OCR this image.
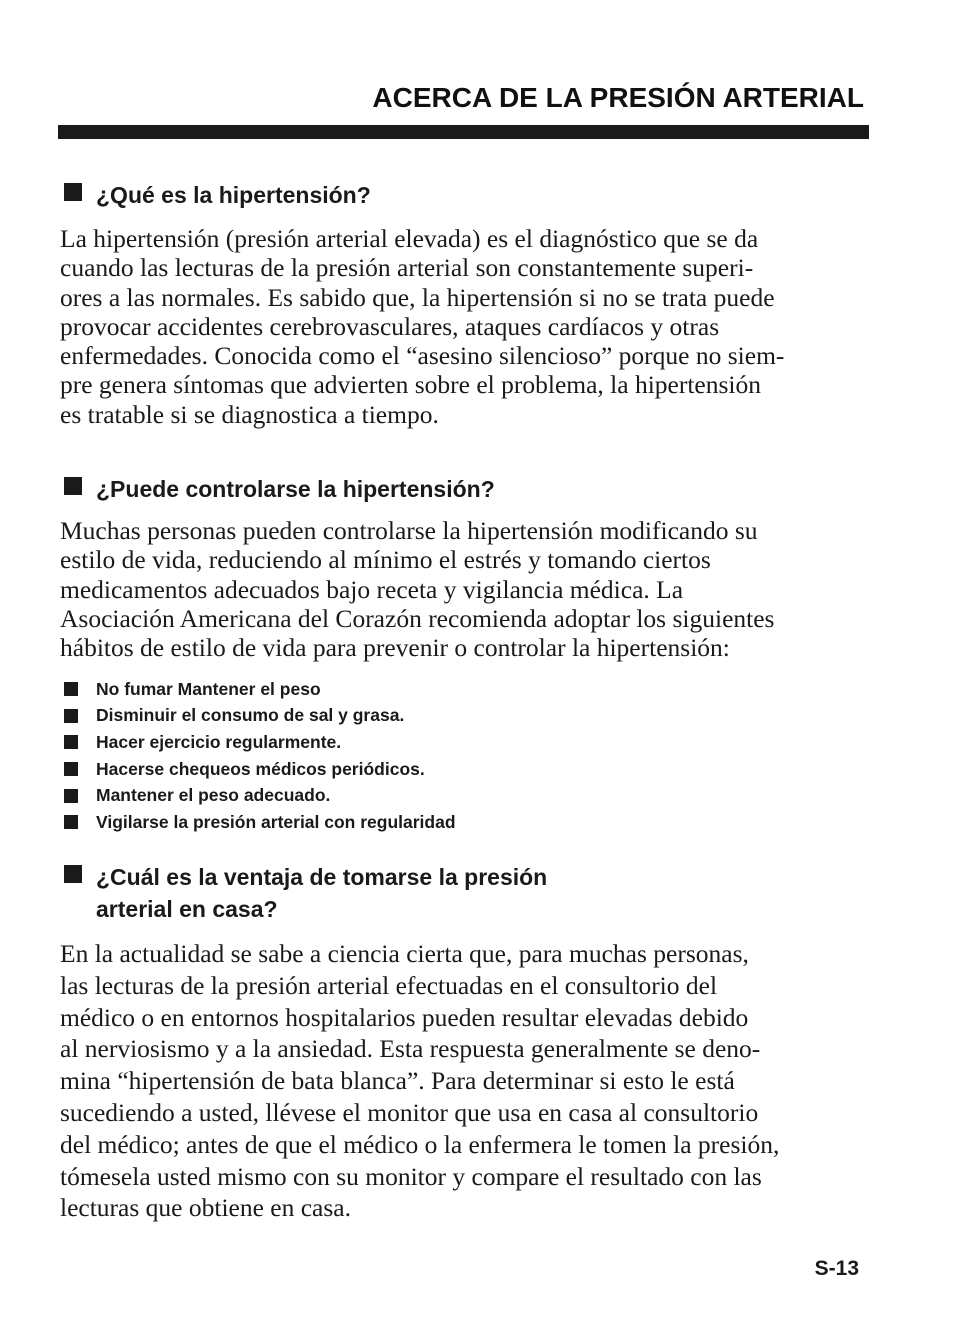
ACERCA DE LA PRESIÓN ARTERIAL
¿Qué es la hipertensión?
La hipertensión (presión arterial elevada) es el diagnóstico que se da
cuando las lecturas de la presión arterial son constantemente superi-
ores a las normales. Es sabido que, la hipertensión si no se trata puede
provocar accidentes cerebrovasculares, ataques cardíacos y otras
enfermedades. Conocida como el “asesino silencioso” porque no siem-
pre genera síntomas que advierten sobre el problema, la hipertensión
es tratable si se diagnostica a tiempo.
¿Puede controlarse la hipertensión?
Muchas personas pueden controlarse la hipertensión modificando su
estilo de vida, reduciendo al mínimo el estrés y tomando ciertos
medicamentos adecuados bajo receta y vigilancia médica. La
Asociación Americana del Corazón recomienda adoptar los siguientes
hábitos de estilo de vida para prevenir o controlar la hipertensión:
No fumar Mantener el peso
Disminuir el consumo de sal y grasa.
Hacer ejercicio regularmente.
Hacerse chequeos médicos periódicos.
Mantener el peso adecuado.
Vigilarse la presión arterial con regularidad
¿Cuál es la ventaja de tomarse la presión
arterial en casa?
En la actualidad se sabe a ciencia cierta que, para muchas personas,
las lecturas de la presión arterial efectuadas en el consultorio del
médico o en entornos hospitalarios pueden resultar elevadas debido
al nerviosismo y a la ansiedad. Esta respuesta generalmente se deno-
mina “hipertensión de bata blanca”. Para determinar si esto le está
sucediendo a usted, llévese el monitor que usa en casa al consultorio
del médico; antes de que el médico o la enfermera le tomen la presión,
tómesela usted mismo con su monitor y compare el resultado con las
lecturas que obtiene en casa.
S-13
